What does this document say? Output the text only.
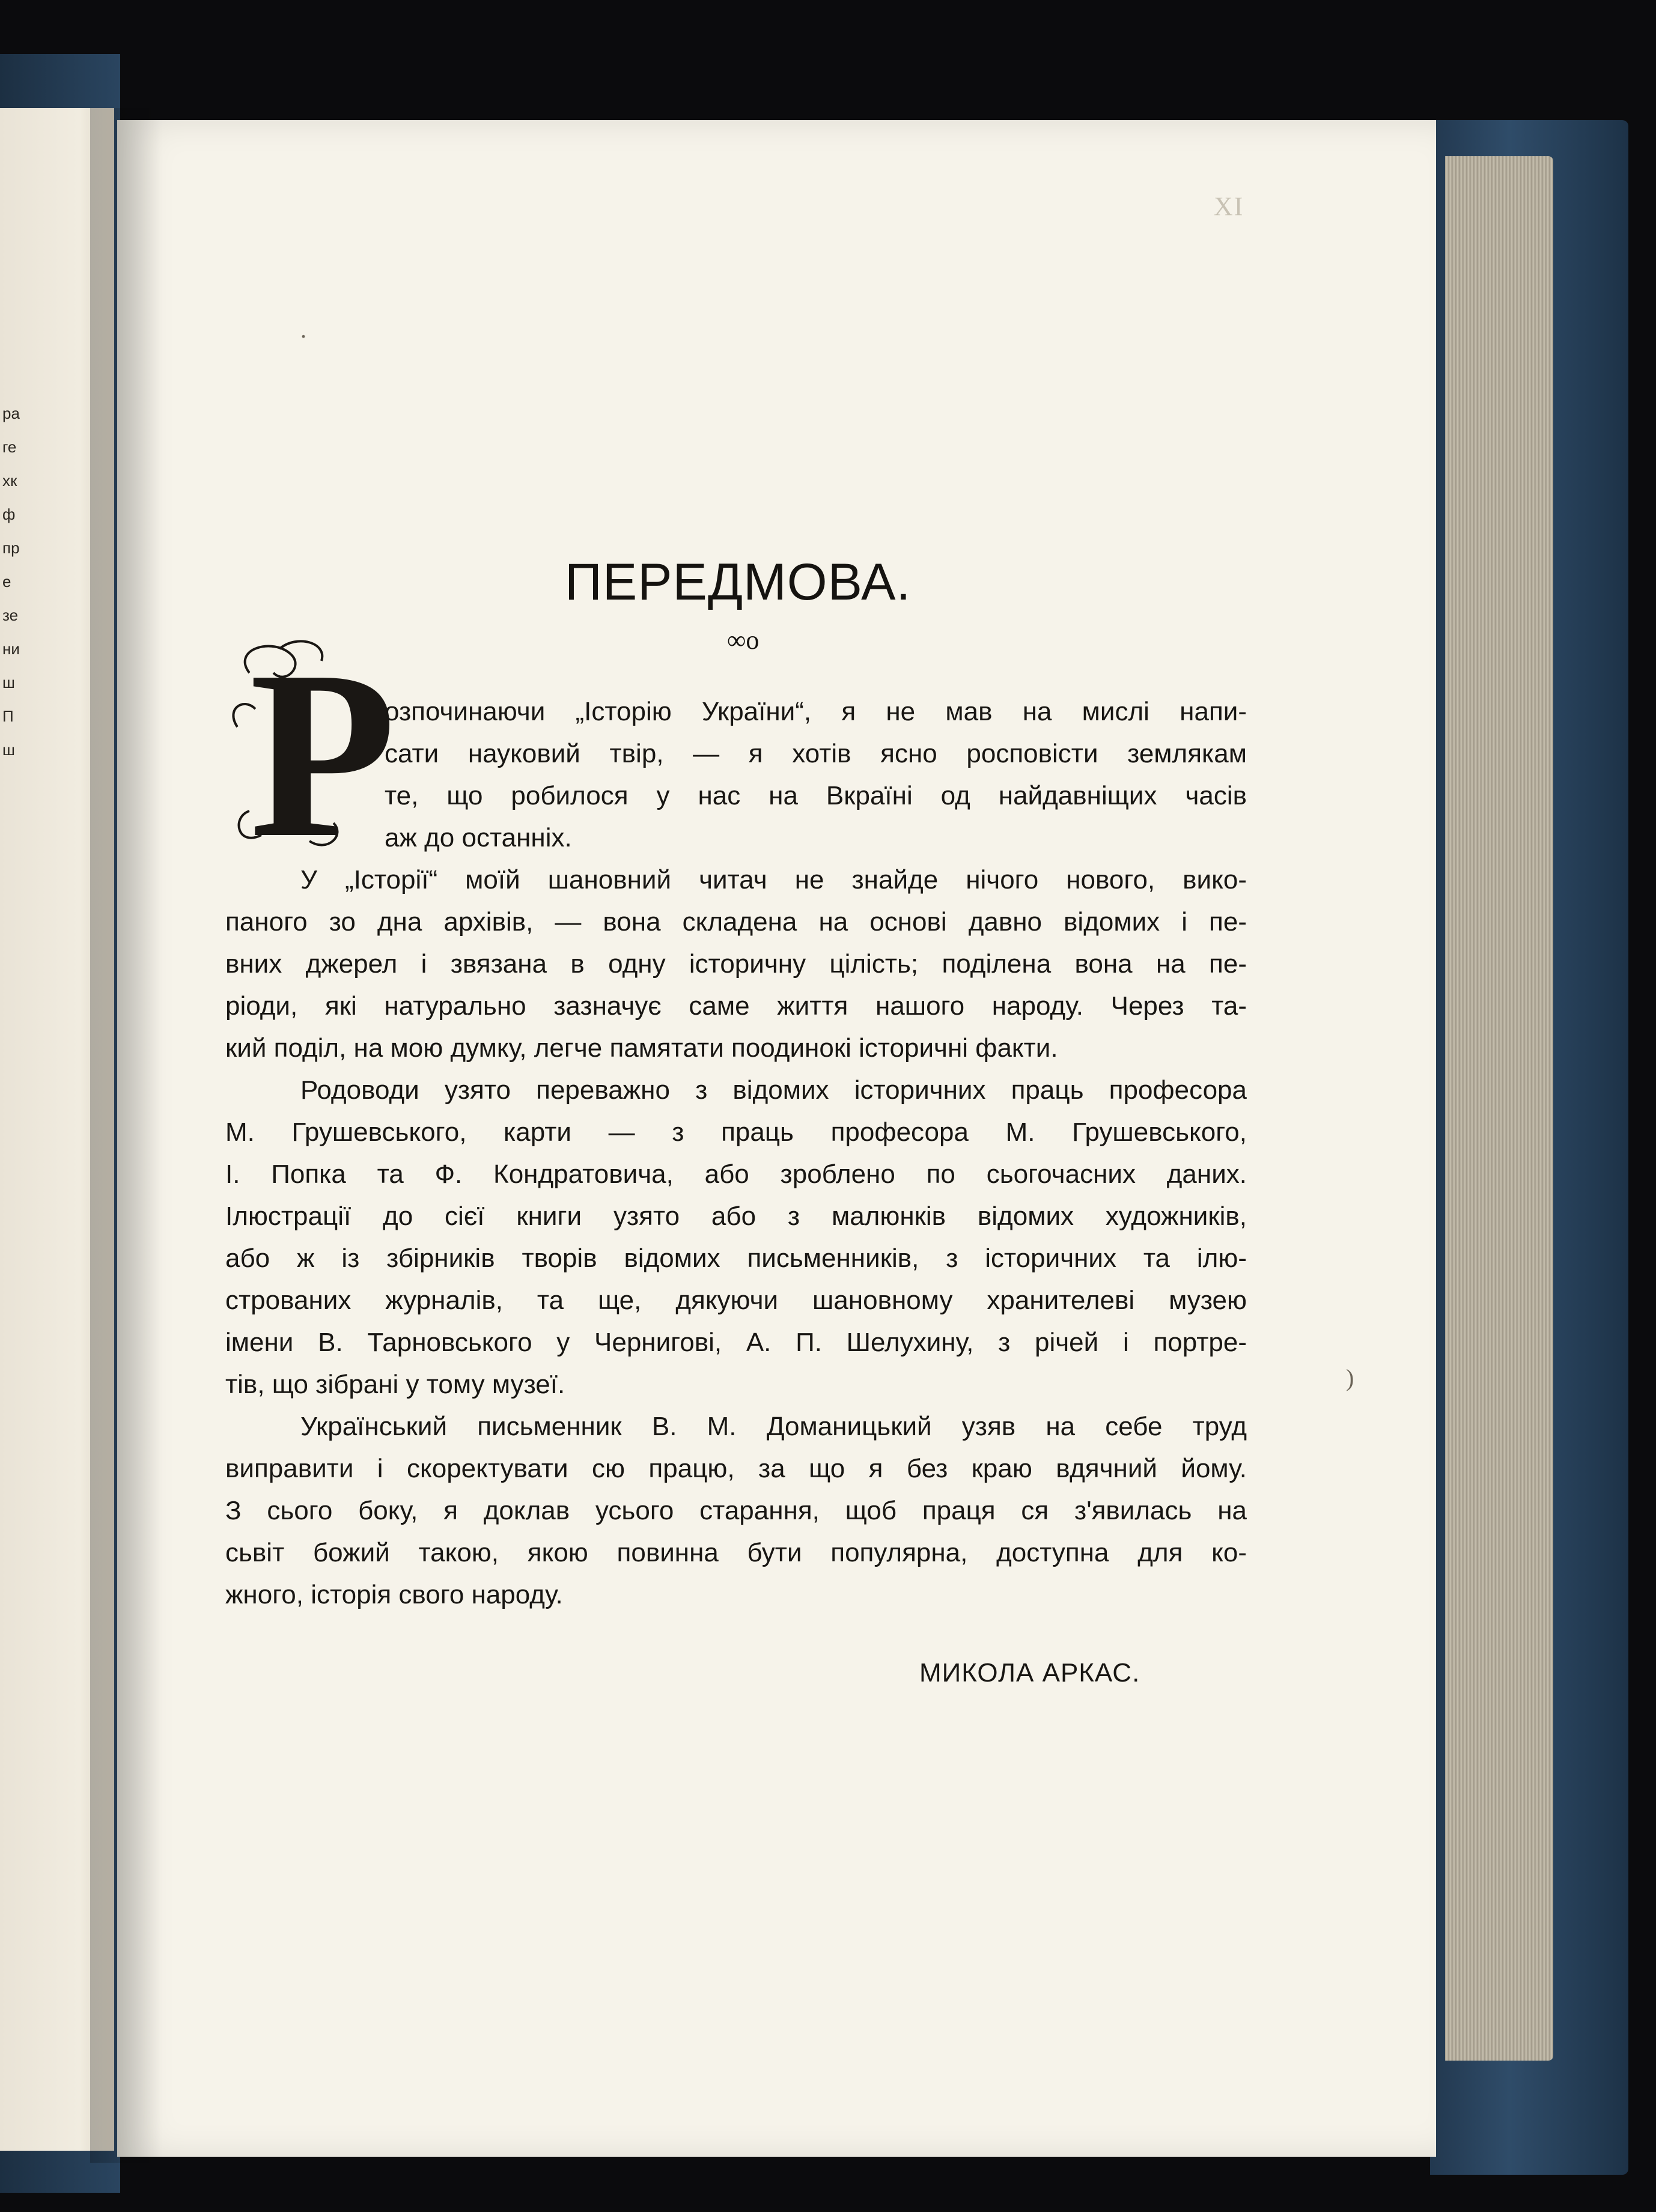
ра
ге
хк
ф
пр
е
зе
ни
ш
П
ш
XI
ПЕРЕДМОВА.
∞o
Р
озпочинаючи „Історію України“, я не мав на мислі напи-
сати науковий твір, — я хотів ясно росповісти землякам
те, що робилося у нас на Вкраїні од найдавніщих часів
аж до останніх.
У „Історії“ моїй шановний читач не знайде нічого нового, вико-
паного зо дна архівів, — вона складена на основі давно відомих і пе-
вних джерел і звязана в одну історичну цілість; поділена вона на пе-
ріоди, які натурально зазначує саме життя нашого народу. Через та-
кий поділ, на мою думку, легче памятати поодинокі історичні факти.
Родоводи узято переважно з відомих історичних праць професора
М. Грушевського, карти — з праць професора М. Грушевського,
І. Попка та Ф. Кондратовича, або зроблено по сьогочасних даних.
Ілюстрації до сієї книги узято або з малюнків відомих художників,
або ж із збірників творів відомих письменників, з історичних та ілю-
строваних журналів, та ще, дякуючи шановному хранителеві музею
імени В. Тарновського у Чернигові, А. П. Шелухину, з річей і портре-
тів, що зібрані у тому музеї.
Український письменник В. М. Доманицький узяв на себе труд
виправити і скоректувати сю працю, за що я без краю вдячний йому.
З сього боку, я доклав усього старання, щоб праця ся з'явилась на
сьвіт божий такою, якою повинна бути популярна, доступна для ко-
жного, історія свого народу.
МИКОЛА АРКАС.
.
)
